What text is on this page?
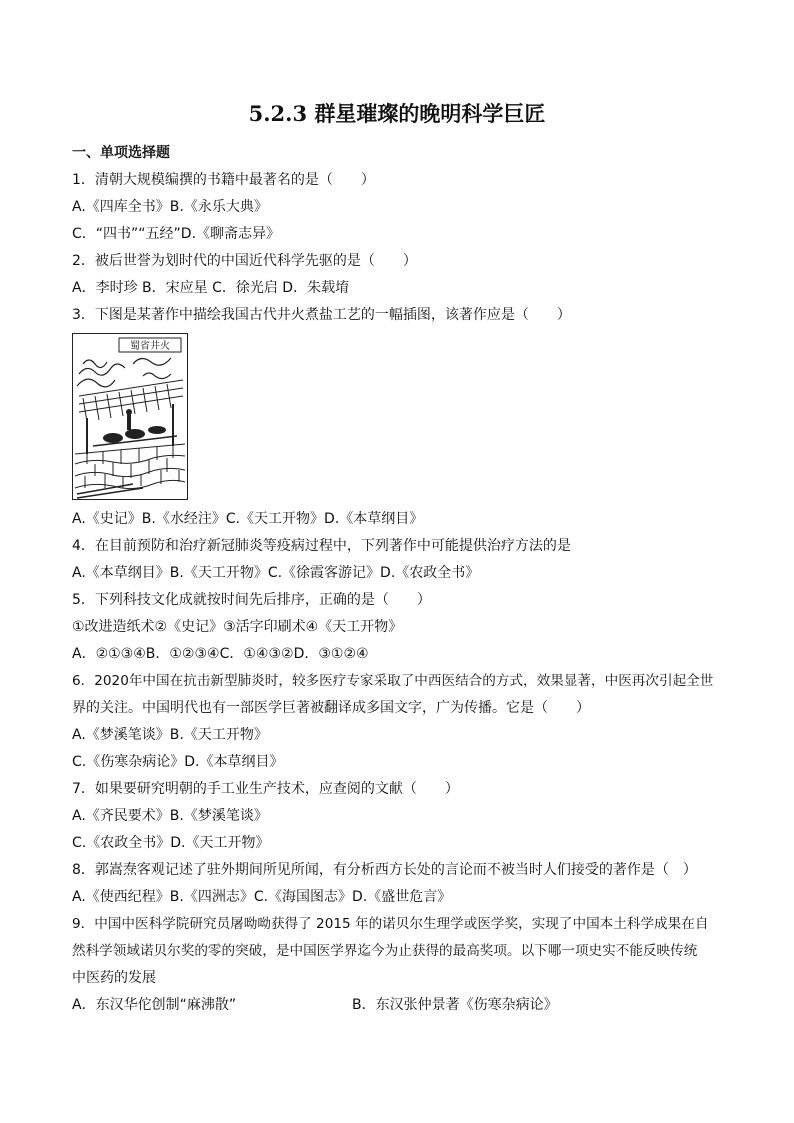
5.2.3 群星璀璨的晚明科学巨匠
一、单项选择题
1．清朝大规模编撰的书籍中最著名的是（　　）
A.《四库全书》B.《永乐大典》
C．“四书”“五经”D.《聊斋志异》
2．被后世誉为划时代的中国近代科学先驱的是（　　）
A．李时珍 B．宋应星 C．徐光启 D．朱载堉
3．下图是某著作中描绘我国古代井火煮盐工艺的一幅插图，该著作应是（　　）
蜀省井火
A.《史记》B.《水经注》C.《天工开物》D.《本草纲目》
4．在目前预防和治疗新冠肺炎等疫病过程中，下列著作中可能提供治疗方法的是
A.《本草纲目》B.《天工开物》C.《徐霞客游记》D.《农政全书》
5．下列科技文化成就按时间先后排序，正确的是（　　）
①改进造纸术②《史记》③活字印刷术④《天工开物》
A．②①③④B．①②③④C．①④③②D．③①②④
6．2020年中国在抗击新型肺炎时，较多医疗专家采取了中西医结合的方式，效果显著，中医再次引起全世
界的关注。中国明代也有一部医学巨著被翻译成多国文字，广为传播。它是（　　）
A.《梦溪笔谈》B.《天工开物》
C.《伤寒杂病论》D.《本草纲目》
7．如果要研究明朝的手工业生产技术，应查阅的文献（　　）
A.《齐民要术》B.《梦溪笔谈》
C.《农政全书》D.《天工开物》
8．郭嵩焘客观记述了驻外期间所见所闻，有分析西方长处的言论而不被当时人们接受的著作是（　）
A.《使西纪程》B.《四洲志》C.《海国图志》D.《盛世危言》
9．中国中医科学院研究员屠呦呦获得了 2015 年的诺贝尔生理学或医学奖，实现了中国本土科学成果在自
然科学领域诺贝尔奖的零的突破，是中国医学界迄今为止获得的最高奖项。以下哪一项史实不能反映传统
中医药的发展
A．东汉华佗创制“麻沸散”	B．东汉张仲景著《伤寒杂病论》
